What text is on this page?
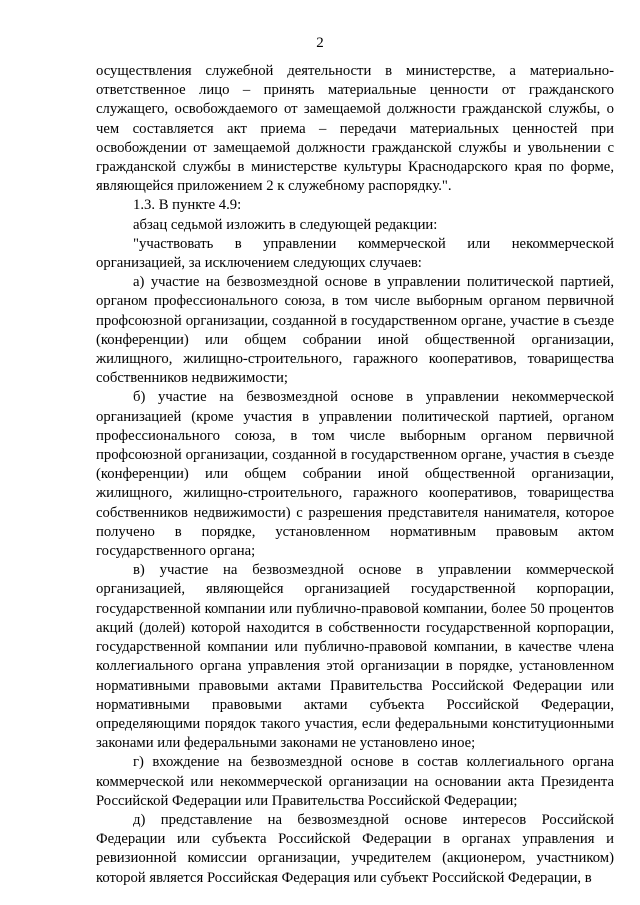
2

осуществления служебной деятельности в министерстве, а материально-ответственное лицо – принять материальные ценности от гражданского служащего, освобождаемого от замещаемой должности гражданской службы, о чем составляется акт приема – передачи материальных ценностей при освобождении от замещаемой должности гражданской службы и увольнении с гражданской службы в министерстве культуры Краснодарского края по форме, являющейся приложением 2 к служебному распорядку.".

1.3. В пункте 4.9:

абзац седьмой изложить в следующей редакции:

"участвовать в управлении коммерческой или некоммерческой организацией, за исключением следующих случаев:

а) участие на безвозмездной основе в управлении политической партией, органом профессионального союза, в том числе выборным органом первичной профсоюзной организации, созданной в государственном органе, участие в съезде (конференции) или общем собрании иной общественной организации, жилищного, жилищно-строительного, гаражного кооперативов, товарищества собственников недвижимости;

б) участие на безвозмездной основе в управлении некоммерческой организацией (кроме участия в управлении политической партией, органом профессионального союза, в том числе выборным органом первичной профсоюзной организации, созданной в государственном органе, участия в съезде (конференции) или общем собрании иной общественной организации, жилищного, жилищно-строительного, гаражного кооперативов, товарищества собственников недвижимости) с разрешения представителя нанимателя, которое получено в порядке, установленном нормативным правовым актом государственного органа;

в) участие на безвозмездной основе в управлении коммерческой организацией, являющейся организацией государственной корпорации, государственной компании или публично-правовой компании, более 50 процентов акций (долей) которой находится в собственности государственной корпорации, государственной компании или публично-правовой компании, в качестве члена коллегиального органа управления этой организации в порядке, установленном нормативными правовыми актами Правительства Российской Федерации или нормативными правовыми актами субъекта Российской Федерации, определяющими порядок такого участия, если федеральными конституционными законами или федеральными законами не установлено иное;

г) вхождение на безвозмездной основе в состав коллегиального органа коммерческой или некоммерческой организации на основании акта Президента Российской Федерации или Правительства Российской Федерации;

д) представление на безвозмездной основе интересов Российской Федерации или субъекта Российской Федерации в органах управления и ревизионной комиссии организации, учредителем (акционером, участником) которой является Российская Федерация или субъект Российской Федерации, в
